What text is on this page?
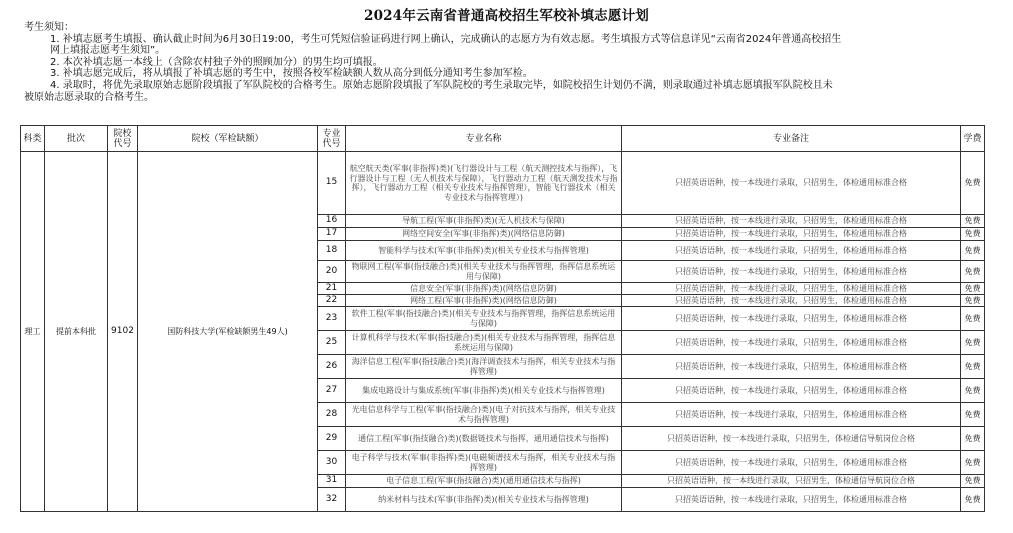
2024年云南省普通高校招生军校补填志愿计划

考生须知：

1. 补填志愿考生填报、确认截止时间为6月30日19:00，考生可凭短信验证码进行网上确认，完成确认的志愿方为有效志愿。考生填报方式等信息详见“云南省2024年普通高校招生

网上填报志愿考生须知”。

2. 本次补填志愿一本线上（含除农村独子外的照顾加分）的男生均可填报。

3. 补填志愿完成后，将从填报了补填志愿的考生中，按照各校军检缺额人数从高分到低分通知考生参加军检。

4. 录取时，将优先录取原始志愿阶段填报了军队院校的合格考生。原始志愿阶段填报了军队院校的考生录取完毕，如院校招生计划仍不满，则录取通过补填志愿填报军队院校且未

被原始志愿录取的合格考生。

科类	批次	院校代号	院校（军检缺额）	专业代号	专业名称	专业备注	学费
理工	提前本科批	9102	国防科技大学(军检缺额男生49人)	15	航空航天类(军事(非指挥)类)(飞行器设计与工程（航天测控技术与指挥），飞行器设计与工程（无人机技术与保障），飞行器动力工程（航天测发技术与指挥），飞行器动力工程（相关专业技术与指挥管理），智能飞行器技术（相关专业技术与指挥管理）)	只招英语语种，按一本线进行录取，只招男生，体检通用标准合格	免费
				16	导航工程(军事(非指挥)类)(无人机技术与保障)	只招英语语种，按一本线进行录取，只招男生，体检通用标准合格	免费
				17	网络空间安全(军事(非指挥)类)(网络信息防御)	只招英语语种，按一本线进行录取，只招男生，体检通用标准合格	免费
				18	智能科学与技术(军事(非指挥)类)(相关专业技术与指挥管理)	只招英语语种，按一本线进行录取，只招男生，体检通用标准合格	免费
				20	物联网工程(军事(指技融合)类)(相关专业技术与指挥管理，指挥信息系统运用与保障)	只招英语语种，按一本线进行录取，只招男生，体检通用标准合格	免费
				21	信息安全(军事(非指挥)类)(网络信息防御)	只招英语语种，按一本线进行录取，只招男生，体检通用标准合格	免费
				22	网络工程(军事(非指挥)类)(网络信息防御)	只招英语语种，按一本线进行录取，只招男生，体检通用标准合格	免费
				23	软件工程(军事(指技融合)类)(相关专业技术与指挥管理，指挥信息系统运用与保障)	只招英语语种，按一本线进行录取，只招男生，体检通用标准合格	免费
				25	计算机科学与技术(军事(指技融合)类)(相关专业技术与指挥管理，指挥信息系统运用与保障)	只招英语语种，按一本线进行录取，只招男生，体检通用标准合格	免费
				26	海洋信息工程(军事(指技融合)类)(海洋调查技术与指挥，相关专业技术与指挥管理)	只招英语语种，按一本线进行录取，只招男生，体检通用标准合格	免费
				27	集成电路设计与集成系统(军事(非指挥)类)(相关专业技术与指挥管理)	只招英语语种，按一本线进行录取，只招男生，体检通用标准合格	免费
				28	光电信息科学与工程(军事(指技融合)类)(电子对抗技术与指挥，相关专业技术与指挥管理)	只招英语语种，按一本线进行录取，只招男生，体检通用标准合格	免费
				29	通信工程(军事(指技融合)类)(数据链技术与指挥，通用通信技术与指挥)	只招英语语种，按一本线进行录取，只招男生，体检通信导航岗位合格	免费
				30	电子科学与技术(军事(非指挥)类)(电磁频谱技术与指挥，相关专业技术与指挥管理)	只招英语语种，按一本线进行录取，只招男生，体检通用标准合格	免费
				31	电子信息工程(军事(指技融合)类)(通用通信技术与指挥)	只招英语语种，按一本线进行录取，只招男生，体检通信导航岗位合格	免费
				32	纳米材料与技术(军事(非指挥)类)(相关专业技术与指挥管理)	只招英语语种，按一本线进行录取，只招男生，体检通用标准合格	免费
